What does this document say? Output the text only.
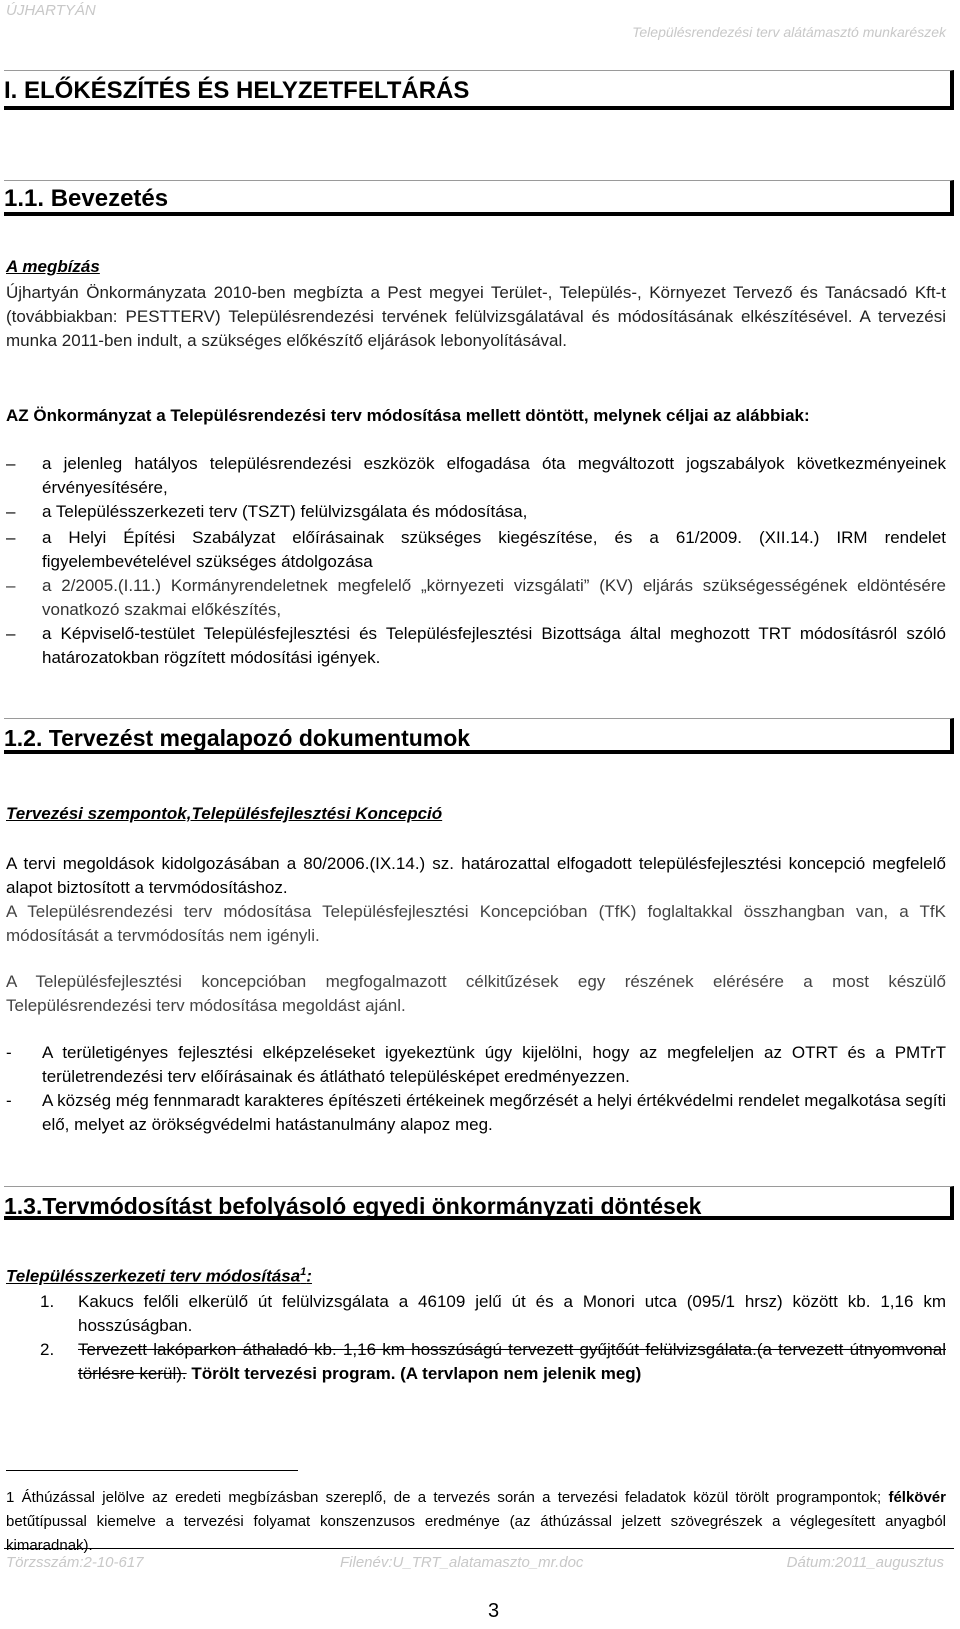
ÚJHARTYÁN
Településrendezési terv alátámasztó munkarészek
I. ELŐKÉSZÍTÉS ÉS HELYZETFELTÁRÁS
1.1. Bevezetés
A megbízás
Újhartyán Önkormányzata 2010-ben megbízta a Pest megyei Terület-, Település-, Környezet Tervező és Tanácsadó Kft-t (továbbiakban: PESTTERV) Településrendezési tervének felülvizsgálatával és módosításának elkészítésével. A tervezési munka 2011-ben indult, a szükséges előkészítő eljárások lebonyolításával.
AZ Önkormányzat a Településrendezési terv módosítása mellett döntött, melynek céljai az alábbiak:
–	a jelenleg hatályos településrendezési eszközök elfogadása óta megváltozott jogszabályok következményeinek érvényesítésére,
–	a Településszerkezeti terv (TSZT) felülvizsgálata és módosítása,
–	a Helyi Építési Szabályzat előírásainak szükséges kiegészítése, és a 61/2009. (XII.14.) IRM rendelet figyelembevételével szükséges átdolgozása
–	a 2/2005.(I.11.) Kormányrendeletnek megfelelő „környezeti vizsgálati” (KV) eljárás szükségességének eldöntésére vonatkozó szakmai előkészítés,
–	a Képviselő-testület Településfejlesztési és Településfejlesztési Bizottsága által meghozott TRT módosításról szóló határozatokban rögzített módosítási igények.
1.2. Tervezést megalapozó dokumentumok
Tervezési szempontok,Településfejlesztési Koncepció
A tervi megoldások kidolgozásában a 80/2006.(IX.14.) sz. határozattal elfogadott településfejlesztési koncepció megfelelő alapot biztosított a tervmódosításhoz.
A Településrendezési terv módosítása Településfejlesztési Koncepcióban (TfK) foglaltakkal összhangban van, a TfK módosítását a tervmódosítás nem igényli.
A Településfejlesztési koncepcióban megfogalmazott célkitűzések egy részének elérésére a most készülő Településrendezési terv módosítása megoldást ajánl.
-	A területigényes fejlesztési elképzeléseket igyekeztünk úgy kijelölni, hogy az megfeleljen az OTRT és a PMTrT területrendezési terv előírásainak és átlátható településképet eredményezzen.
-	A község még fennmaradt karakteres építészeti értékeinek megőrzését a helyi értékvédelmi rendelet megalkotása segíti elő, melyet az örökségvédelmi hatástanulmány alapoz meg.
1.3.Tervmódosítást befolyásoló egyedi önkormányzati döntések
Településszerkezeti terv módosítása$^1$:
1. Kakucs felőli elkerülő út felülvizsgálata a 46109 jelű út és a Monori utca (095/1 hrsz) között kb. 1,16 km hosszúságban.
2. Tervezett lakóparkon áthaladó kb. 1,16 km hosszúságú tervezett gyűjtőút felülvizsgálata.(a tervezett útnyomvonal törlésre kerül). Törölt tervezési program. (A tervlapon nem jelenik meg)
1 Áthúzással jelölve az eredeti megbízásban szereplő, de a tervezés során a tervezési feladatok közül törölt programpontok; félkövér betűtípussal kiemelve a tervezési folyamat konszenzusos eredménye (az áthúzással jelzett szövegrészek a véglegesített anyagból kimaradnak).
Törzsszám:2-10-617	Filenév:U_TRT_alatamaszto_mr.doc	Dátum:2011_augusztus
3
